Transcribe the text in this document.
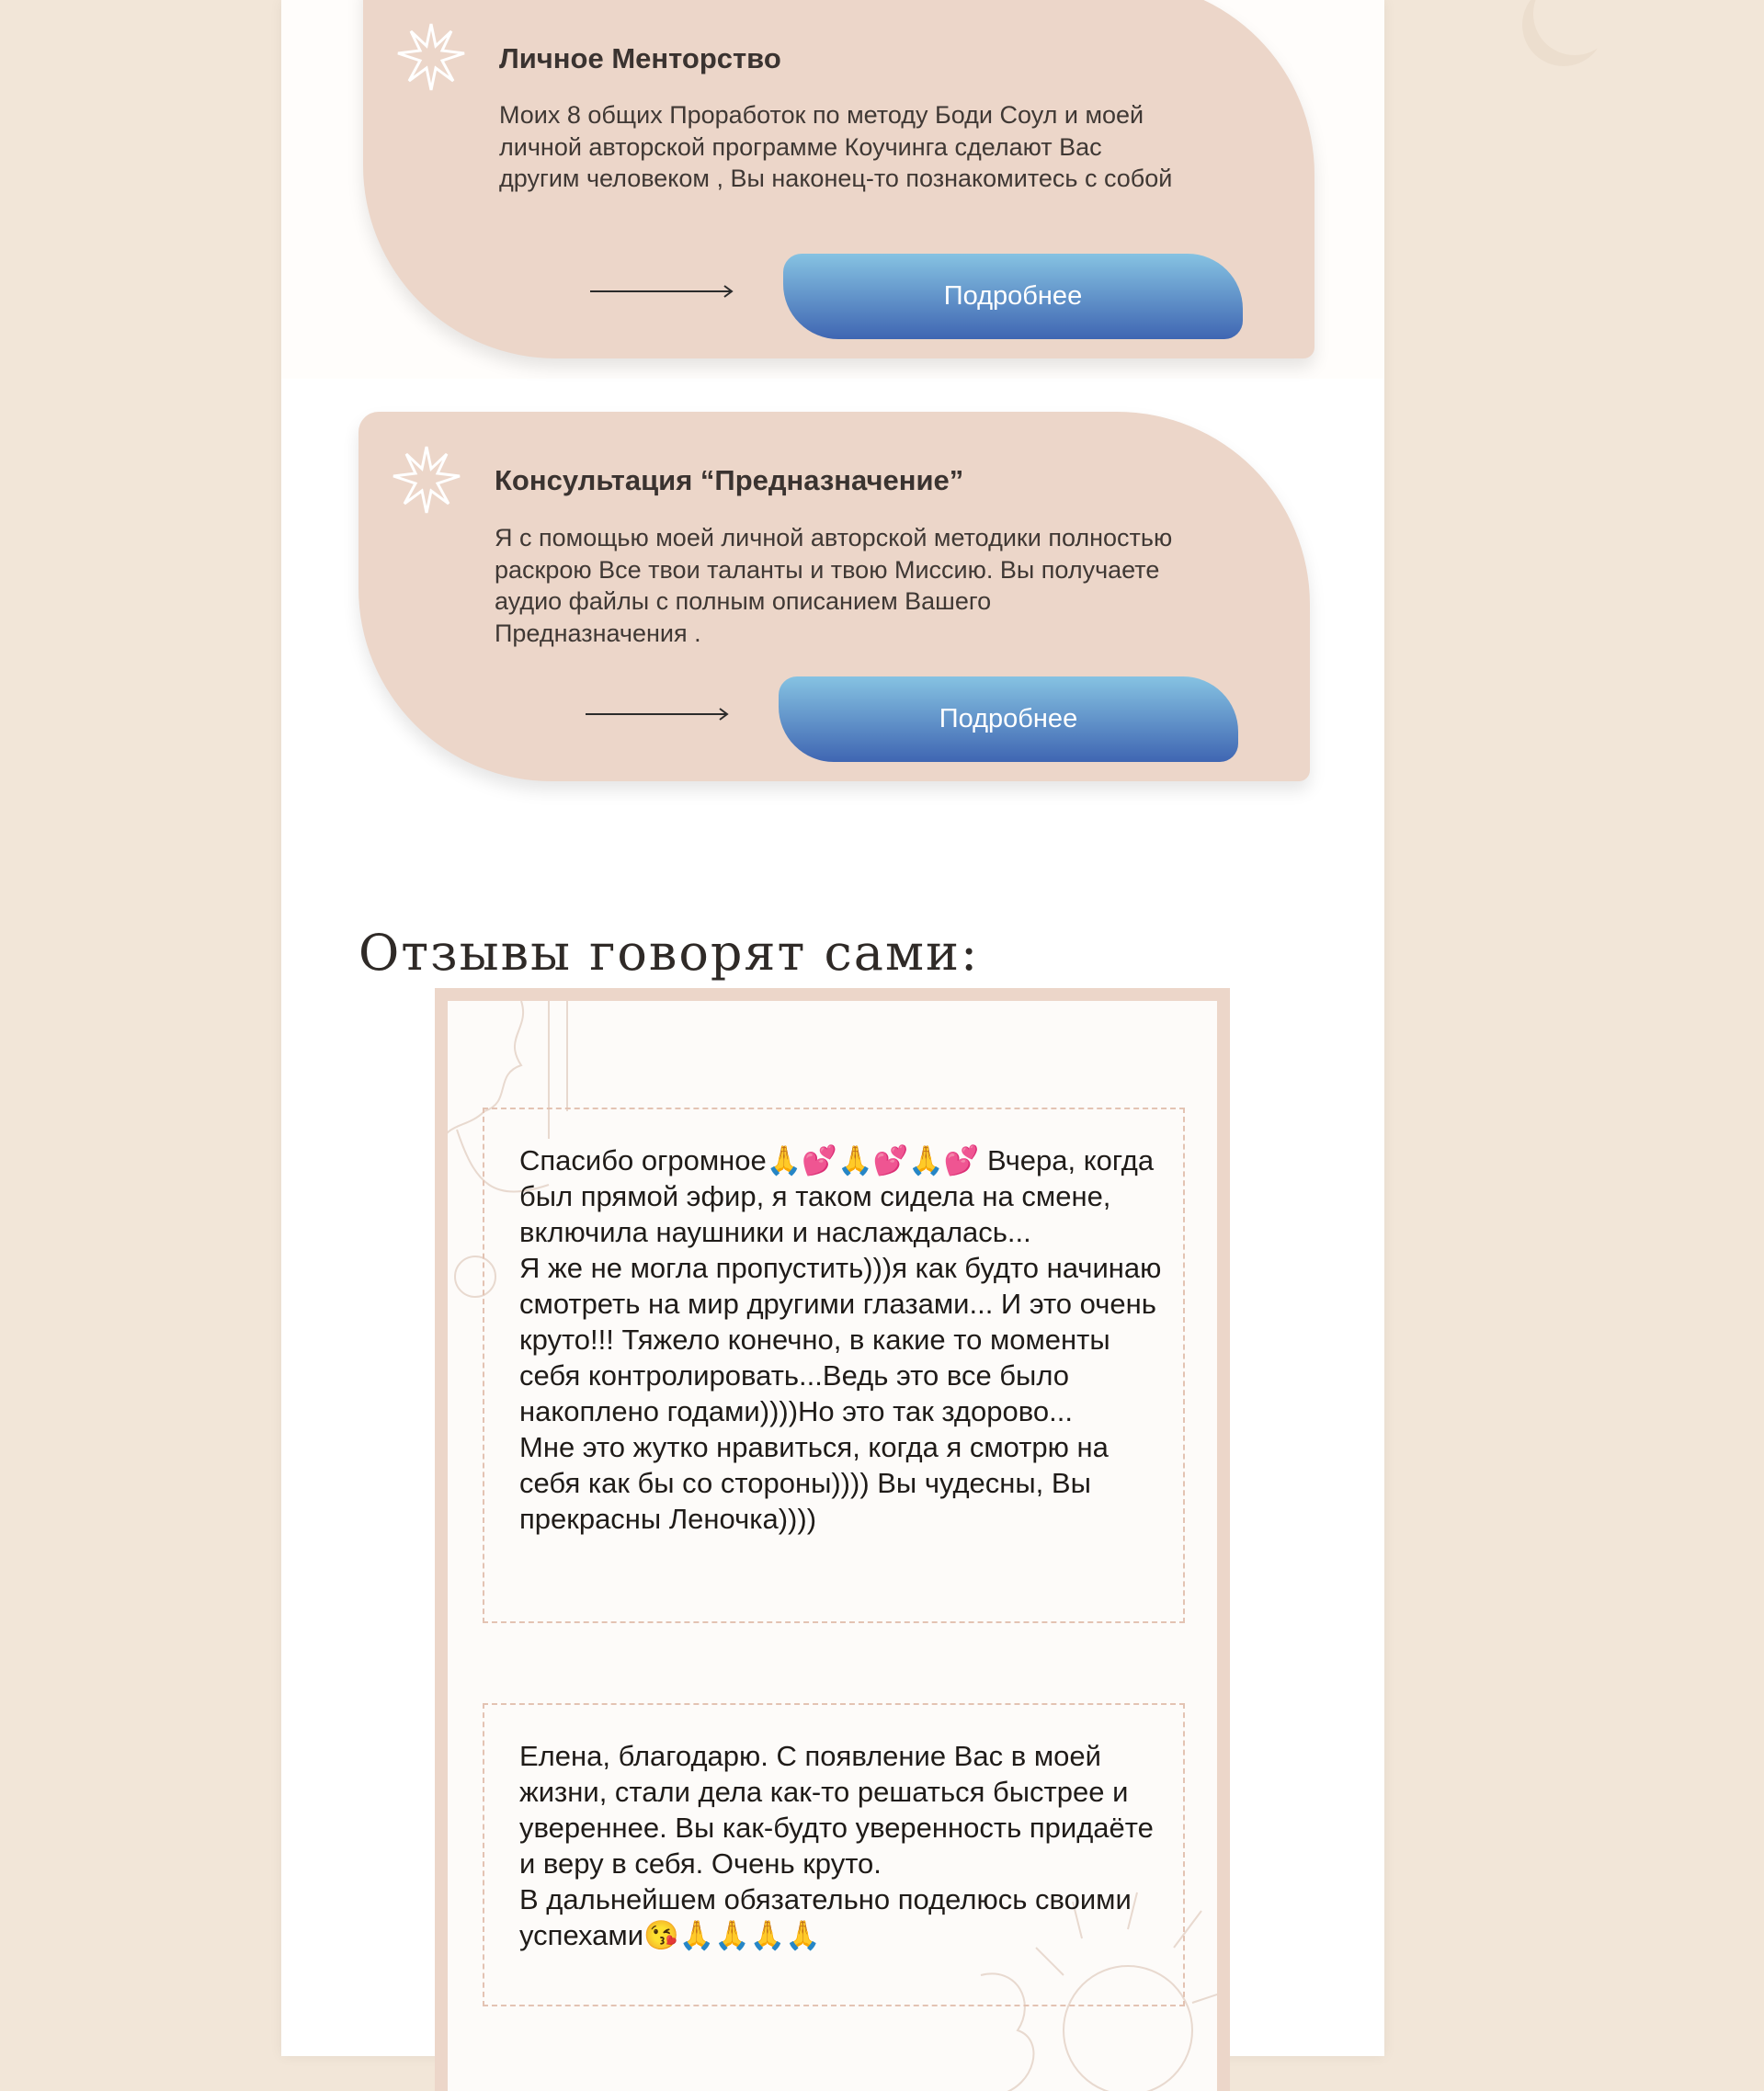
Личное Менторство
Моих 8 общих Проработок по методу Боди Соул и моей личной авторской программе Коучинга сделают Вас другим человеком , Вы наконец-то познакомитесь с собой
Подробнее
Консультация “Предназначение”
Я с помощью моей личной авторской методики полностью раскрою Все твои таланты и твою Миссию. Вы получаете аудио файлы с полным описанием Вашего Предназначения .
Подробнее
Отзывы говорят сами:
Спасибо огромное🙏💕🙏💕🙏💕 Вчера, когда был прямой эфир, я таком сидела на смене, включила наушники и наслаждалась...
Я же не могла пропустить)))я как будто начинаю смотреть на мир другими глазами... И это очень круто!!! Тяжело конечно, в какие то моменты себя контролировать...Ведь это все было накоплено годами))))Но это так здорово...
Мне это жутко нравиться, когда я смотрю на себя как бы со стороны)))) Вы чудесны, Вы прекрасны Леночка))))
Елена, благодарю. С появление Вас в моей жизни, стали дела как-то решаться быстрее и увереннее. Вы как-будто уверенность придаёте и веру в себя. Очень круто.
В дальнейшем обязательно поделюсь своими успехами😘🙏🙏🙏🙏
